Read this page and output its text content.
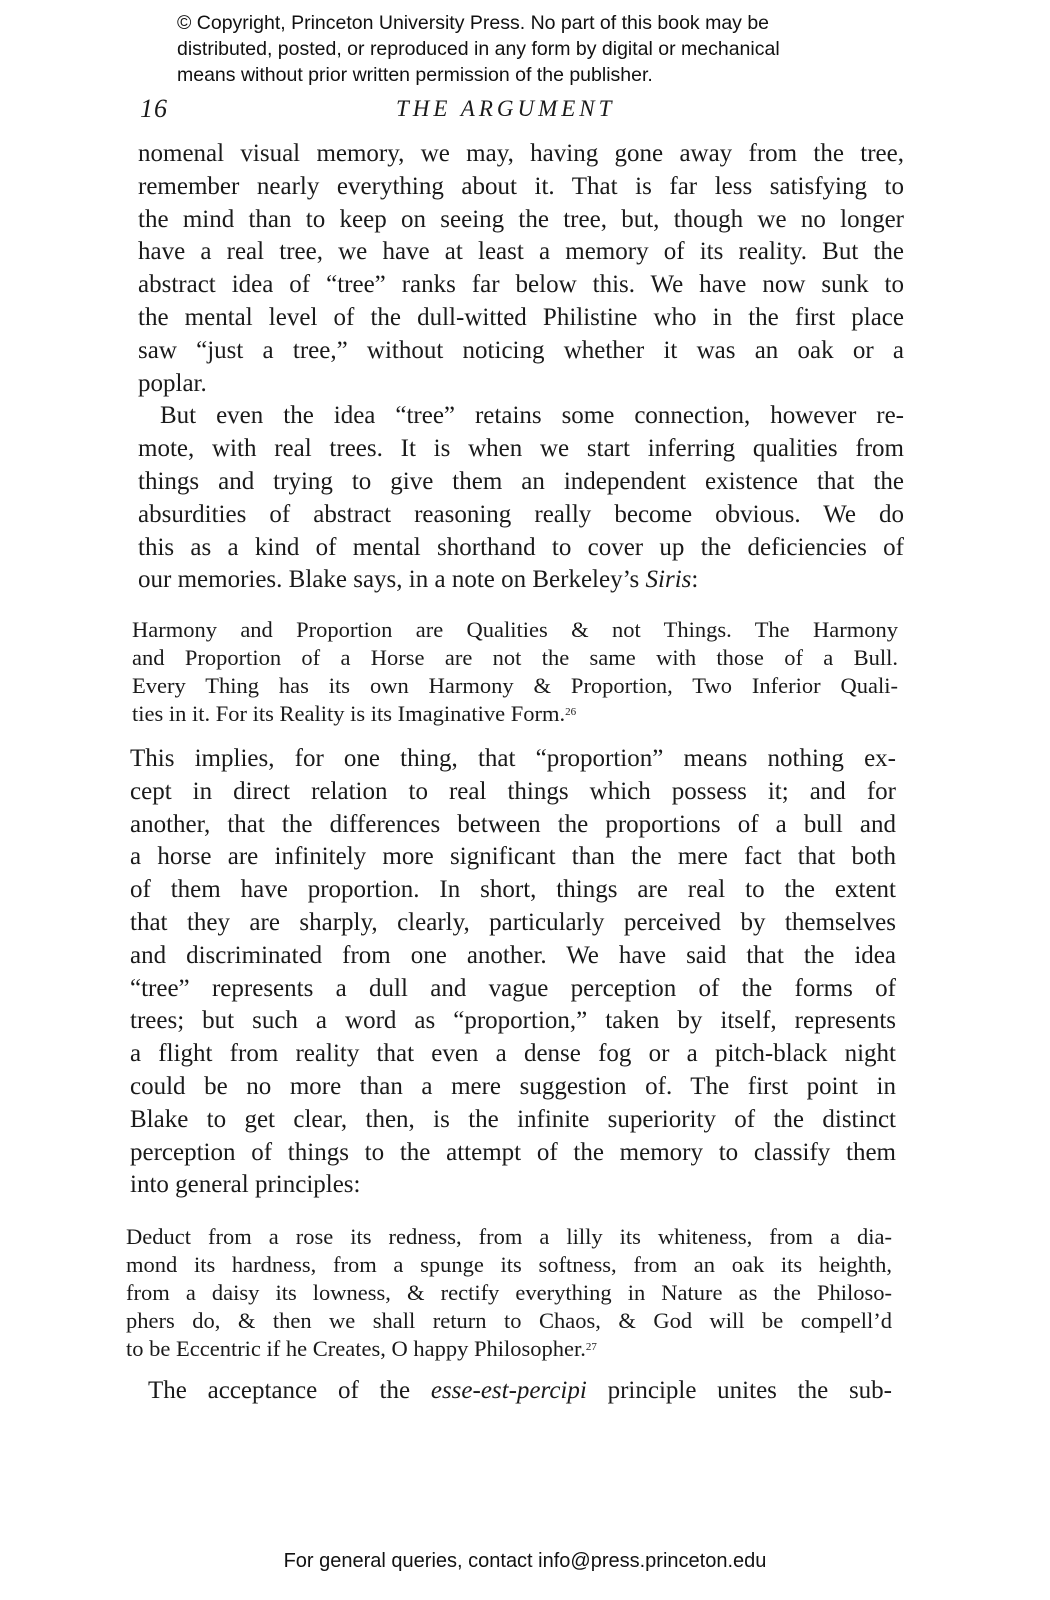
© Copyright, Princeton University Press. No part of this book may be
distributed, posted, or reproduced in any form by digital or mechanical
means without prior written permission of the publisher.
16	THE ARGUMENT
nomenal visual memory, we may, having gone away from the tree,
remember nearly everything about it. That is far less satisfying to
the mind than to keep on seeing the tree, but, though we no longer
have a real tree, we have at least a memory of its reality. But the
abstract idea of “tree” ranks far below this. We have now sunk to
the mental level of the dull-witted Philistine who in the first place
saw “just a tree,” without noticing whether it was an oak or a
poplar.
But even the idea “tree” retains some connection, however re-
mote, with real trees. It is when we start inferring qualities from
things and trying to give them an independent existence that the
absurdities of abstract reasoning really become obvious. We do
this as a kind of mental shorthand to cover up the deficiencies of
our memories. Blake says, in a note on Berkeley’s Siris:
Harmony and Proportion are Qualities & not Things. The Harmony
and Proportion of a Horse are not the same with those of a Bull.
Every Thing has its own Harmony & Proportion, Two Inferior Quali-
ties in it. For its Reality is its Imaginative Form.$^{26}$
This implies, for one thing, that “proportion” means nothing ex-
cept in direct relation to real things which possess it; and for
another, that the differences between the proportions of a bull and
a horse are infinitely more significant than the mere fact that both
of them have proportion. In short, things are real to the extent
that they are sharply, clearly, particularly perceived by themselves
and discriminated from one another. We have said that the idea
“tree” represents a dull and vague perception of the forms of
trees; but such a word as “proportion,” taken by itself, represents
a flight from reality that even a dense fog or a pitch-black night
could be no more than a mere suggestion of. The first point in
Blake to get clear, then, is the infinite superiority of the distinct
perception of things to the attempt of the memory to classify them
into general principles:
Deduct from a rose its redness, from a lilly its whiteness, from a dia-
mond its hardness, from a spunge its softness, from an oak its heighth,
from a daisy its lowness, & rectify everything in Nature as the Philoso-
phers do, & then we shall return to Chaos, & God will be compell’d
to be Eccentric if he Creates, O happy Philosopher.$^{27}$
The acceptance of the esse-est-percipi principle unites the sub-
For general queries, contact info@press.princeton.edu
